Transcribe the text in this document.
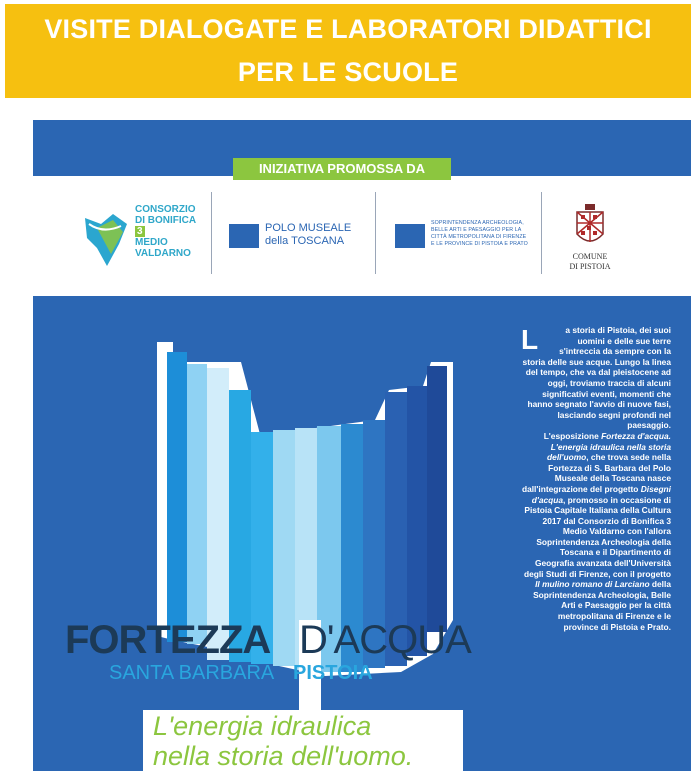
VISITE DIALOGATE E LABORATORI DIDATTICI
PER LE SCUOLE
INIZIATIVA PROMOSSA DA
CONSORZIO
DI BONIFICA 3
MEDIO
VALDARNO
POLO MUSEALE
della TOSCANA
SOPRINTENDENZA ARCHEOLOGIA,
BELLE ARTI E PAESAGGIO PER LA
CITTÀ METROPOLITANA DI FIRENZE
E LE PROVINCE DI PISTOIA E PRATO
COMUNE
DI PISTOIA
FORTEZZA D'ACQUA
SANTA BARBARA PISTOIA
L'energia idraulica
nella storia dell'uomo.
L	a storia di Pistoia, dei suoi uomini e delle sue terre s'intreccia da sempre con la storia delle sue acque. Lungo la linea del tempo, che va dal pleistocene ad oggi, troviamo traccia di alcuni significativi eventi, momenti che hanno segnato l'avvio di nuove fasi, lasciando segni profondi nel paesaggio.
L'esposizione Fortezza d'acqua. L'energia idraulica nella storia dell'uomo, che trova sede nella Fortezza di S. Barbara del Polo Museale della Toscana nasce dall'integrazione del progetto Disegni d'acqua, promosso in occasione di Pistoia Capitale Italiana della Cultura 2017 dal Consorzio di Bonifica 3 Medio Valdarno con l'allora Soprintendenza Archeologia della Toscana e il Dipartimento di Geografia avanzata dell'Università degli Studi di Firenze, con il progetto Il mulino romano di Larciano della Soprintendenza Archeologia, Belle Arti e Paesaggio per la città metropolitana di Firenze e le province di Pistoia e Prato.
